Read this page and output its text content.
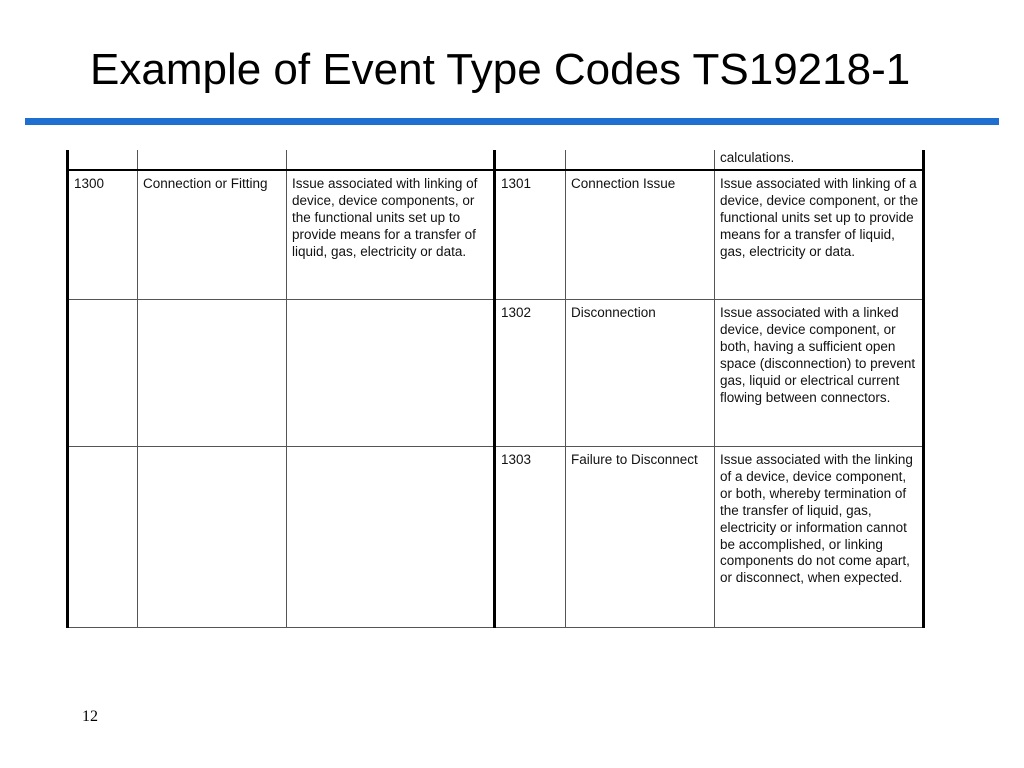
Example of Event Type Codes TS19218-1
					calculations.
1300	Connection or Fitting	Issue associated with linking of device, device components, or the functional units set up to provide means for a transfer of liquid, gas, electricity or data.	1301	Connection Issue	Issue associated with linking of a device, device component, or the functional units set up to provide means for a transfer of liquid, gas, electricity or data.
			1302	Disconnection	Issue associated with a linked device, device component, or both, having a sufficient open space (disconnection) to prevent gas, liquid or electrical current flowing between connectors.
			1303	Failure to Disconnect	Issue associated with the linking of a device, device component, or both, whereby termination of the transfer of liquid, gas, electricity or information cannot be accomplished, or linking components do not come apart, or disconnect, when expected.
12
